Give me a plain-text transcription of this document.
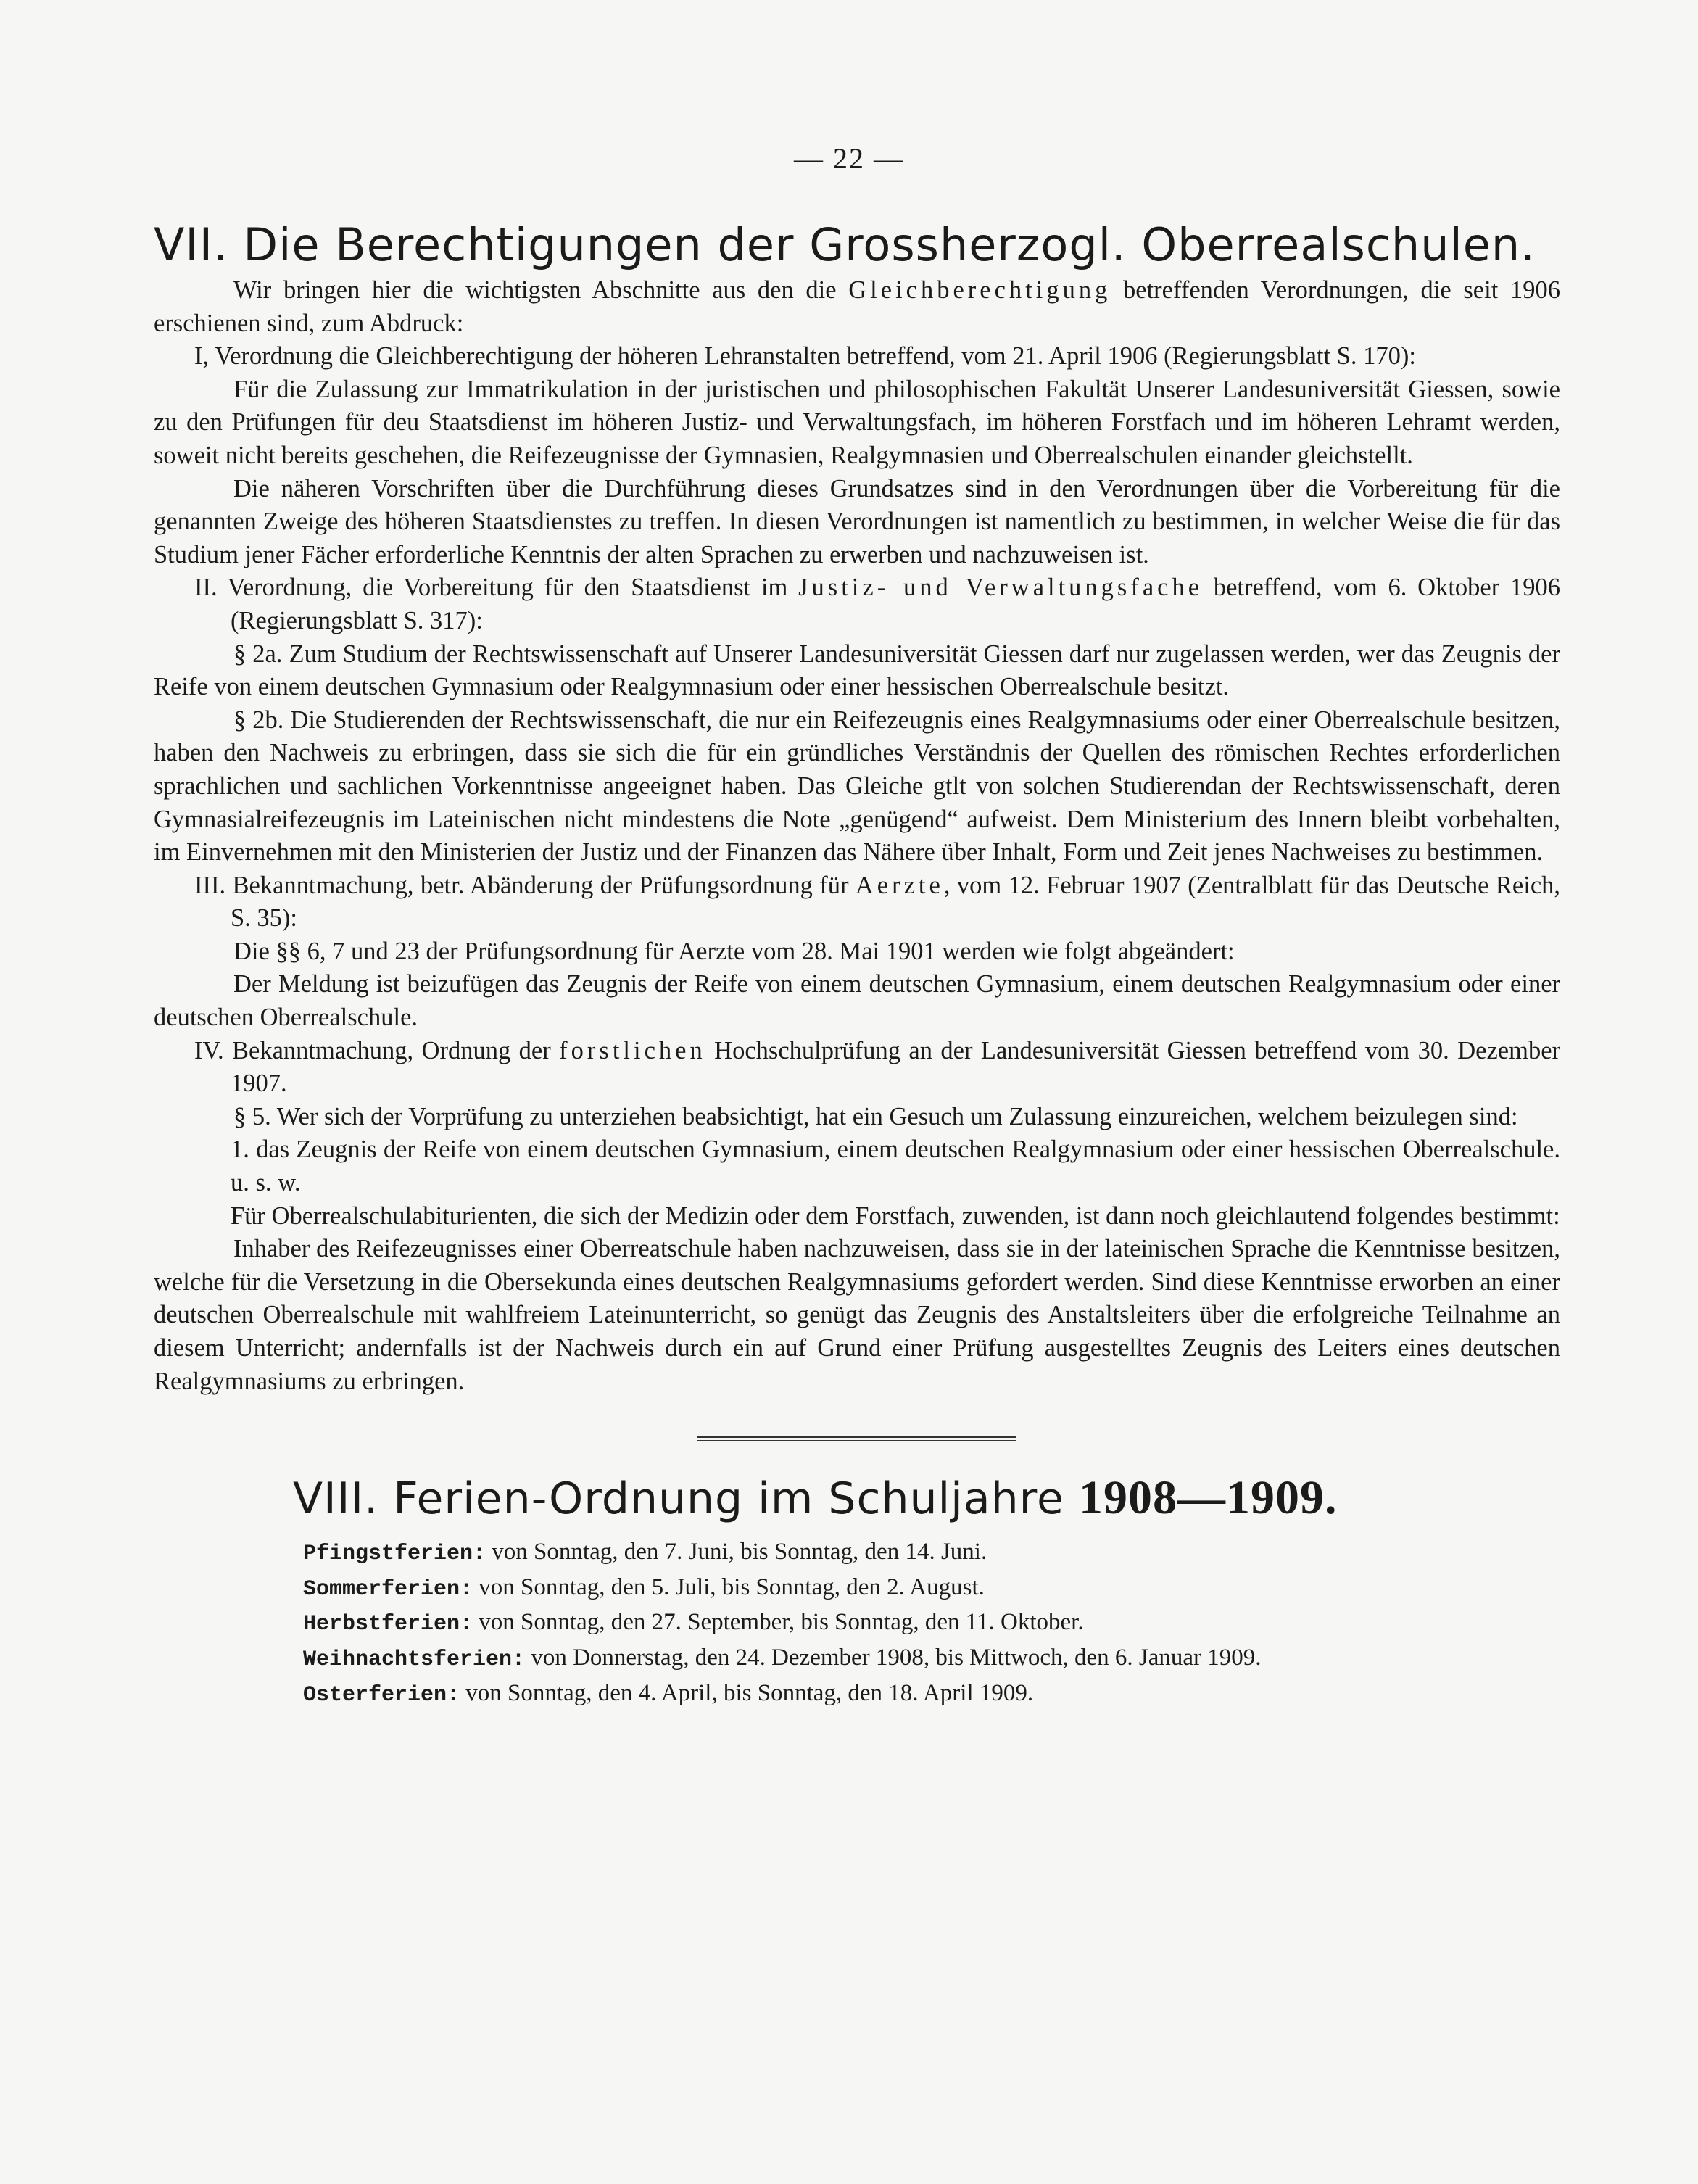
— 22 —
VII. Die Berechtigungen der Grossherzogl. Oberrealschulen.

Wir bringen hier die wichtigsten Abschnitte aus den die Gleichberechtigung betreffenden Verordnungen, die seit 1906 erschienen sind, zum Abdruck:

I, Verordnung die Gleichberechtigung der höheren Lehranstalten betreffend, vom 21. April 1906 (Regierungsblatt S. 170):

Für die Zulassung zur Immatrikulation in der juristischen und philosophischen Fakultät Unserer Landesuniversität Giessen, sowie zu den Prüfungen für deu Staatsdienst im höheren Justiz- und Verwaltungsfach, im höheren Forstfach und im höheren Lehramt werden, soweit nicht bereits geschehen, die Reifezeugnisse der Gymnasien, Realgymnasien und Oberrealschulen einander gleichstellt.

Die näheren Vorschriften über die Durchführung dieses Grundsatzes sind in den Verordnungen über die Vorbereitung für die genannten Zweige des höheren Staatsdienstes zu treffen. In diesen Verordnungen ist namentlich zu bestimmen, in welcher Weise die für das Studium jener Fächer erforderliche Kenntnis der alten Sprachen zu erwerben und nachzuweisen ist.

II. Verordnung, die Vorbereitung für den Staatsdienst im Justiz- und Verwaltungsfache betreffend, vom 6. Oktober 1906 (Regierungsblatt S. 317):

§ 2a. Zum Studium der Rechtswissenschaft auf Unserer Landesuniversität Giessen darf nur zugelassen werden, wer das Zeugnis der Reife von einem deutschen Gymnasium oder Realgymnasium oder einer hessischen Oberrealschule besitzt.

§ 2b. Die Studierenden der Rechtswissenschaft, die nur ein Reifezeugnis eines Realgymnasiums oder einer Oberrealschule besitzen, haben den Nachweis zu erbringen, dass sie sich die für ein gründliches Verständnis der Quellen des römischen Rechtes erforderlichen sprachlichen und sachlichen Vorkenntnisse angeeignet haben. Das Gleiche gtlt von solchen Studierendan der Rechtswissenschaft, deren Gymnasialreifezeugnis im Lateinischen nicht mindestens die Note „genügend“ aufweist. Dem Ministerium des Innern bleibt vorbehalten, im Einvernehmen mit den Ministerien der Justiz und der Finanzen das Nähere über Inhalt, Form und Zeit jenes Nachweises zu bestimmen.

III. Bekanntmachung, betr. Abänderung der Prüfungsordnung für Aerzte, vom 12. Februar 1907 (Zentralblatt für das Deutsche Reich, S. 35):

Die §§ 6, 7 und 23 der Prüfungsordnung für Aerzte vom 28. Mai 1901 werden wie folgt abgeändert:

Der Meldung ist beizufügen das Zeugnis der Reife von einem deutschen Gymnasium, einem deutschen Realgymnasium oder einer deutschen Oberrealschule.

IV. Bekanntmachung, Ordnung der forstlichen Hochschulprüfung an der Landesuniversität Giessen betreffend vom 30. Dezember 1907.

§ 5. Wer sich der Vorprüfung zu unterziehen beabsichtigt, hat ein Gesuch um Zulassung einzureichen, welchem beizulegen sind:

1. das Zeugnis der Reife von einem deutschen Gymnasium, einem deutschen Realgymnasium oder einer hessischen Oberrealschule. u. s. w.

Für Oberrealschulabiturienten, die sich der Medizin oder dem Forstfach, zuwenden, ist dann noch gleichlautend folgendes bestimmt:

Inhaber des Reifezeugnisses einer Oberreatschule haben nachzuweisen, dass sie in der lateinischen Sprache die Kenntnisse besitzen, welche für die Versetzung in die Obersekunda eines deutschen Realgymnasiums gefordert werden. Sind diese Kenntnisse erworben an einer deutschen Oberrealschule mit wahlfreiem Lateinunterricht, so genügt das Zeugnis des Anstaltsleiters über die erfolgreiche Teilnahme an diesem Unterricht; andernfalls ist der Nachweis durch ein auf Grund einer Prüfung ausgestelltes Zeugnis des Leiters eines deutschen Realgymnasiums zu erbringen.

VIII. Ferien-Ordnung im Schuljahre 1908—1909.
Pfingstferien: von Sonntag, den 7. Juni, bis Sonntag, den 14. Juni.
Sommerferien: von Sonntag, den 5. Juli, bis Sonntag, den 2. August.
Herbstferien: von Sonntag, den 27. September, bis Sonntag, den 11. Oktober.
Weihnachtsferien: von Donnerstag, den 24. Dezember 1908, bis Mittwoch, den 6. Januar 1909.
Osterferien: von Sonntag, den 4. April, bis Sonntag, den 18. April 1909.
